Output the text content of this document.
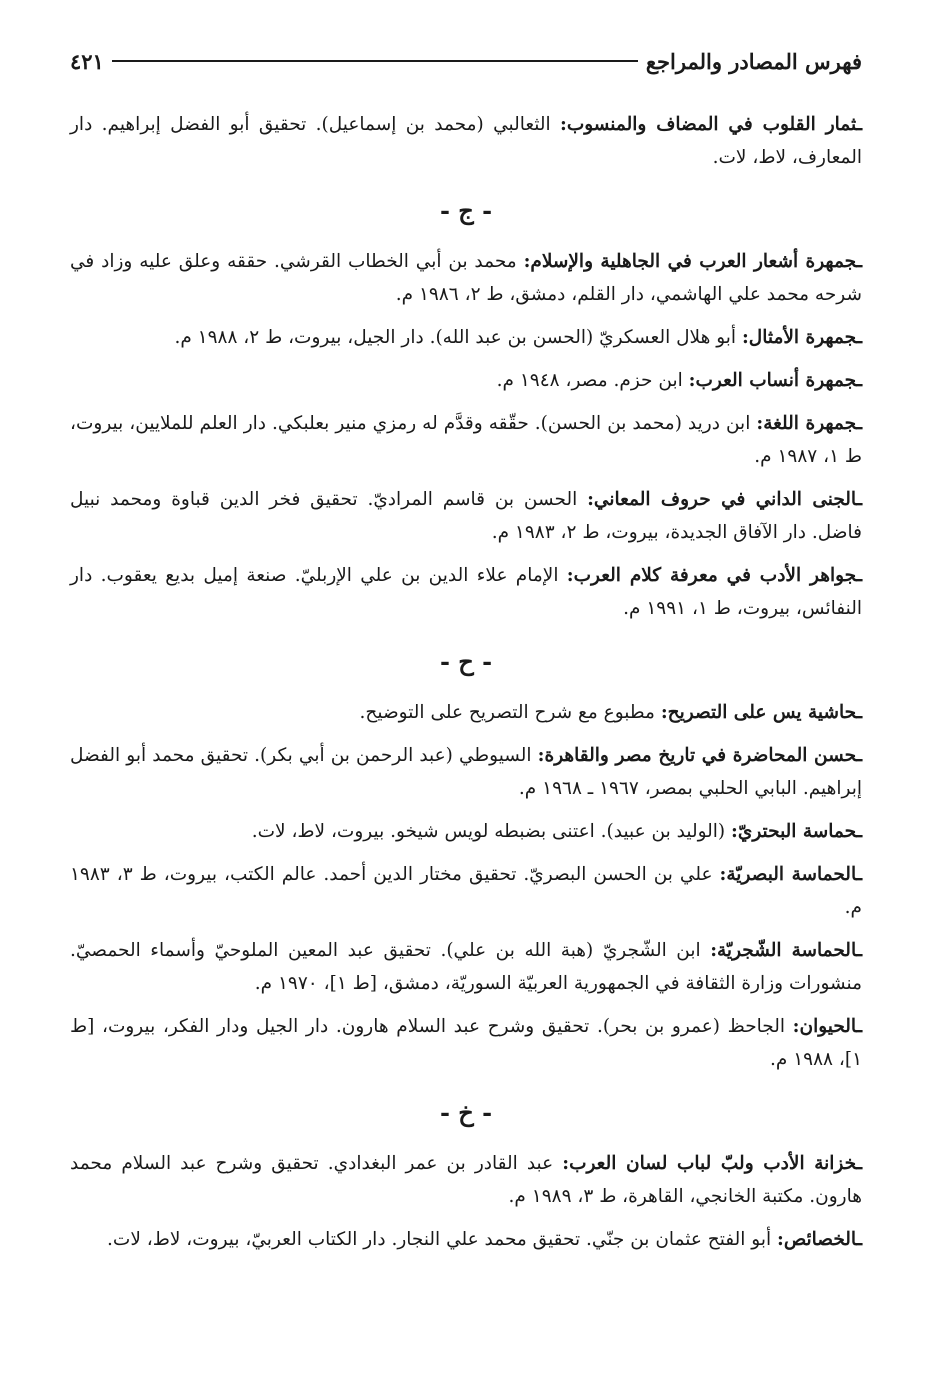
فهرس المصادر والمراجع
٤٢١
ـثمار القلوب في المضاف والمنسوب: الثعالبي (محمد بن إسماعيل). تحقيق أبو الفضل إبراهيم. دار المعارف، لاط، لات.
- ج -
ـجمهرة أشعار العرب في الجاهلية والإسلام: محمد بن أبي الخطاب القرشي. حققه وعلق عليه وزاد في شرحه محمد علي الهاشمي، دار القلم، دمشق، ط ٢، ١٩٨٦ م.
ـجمهرة الأمثال: أبو هلال العسكريّ (الحسن بن عبد الله). دار الجيل، بيروت، ط ٢، ١٩٨٨ م.
ـجمهرة أنساب العرب: ابن حزم. مصر، ١٩٤٨ م.
ـجمهرة اللغة: ابن دريد (محمد بن الحسن). حقّقه وقدَّم له رمزي منير بعلبكي. دار العلم للملايين، بيروت، ط ١، ١٩٨٧ م.
ـالجنى الداني في حروف المعاني: الحسن بن قاسم المراديّ. تحقيق فخر الدين قباوة ومحمد نبيل فاضل. دار الآفاق الجديدة، بيروت، ط ٢، ١٩٨٣ م.
ـجواهر الأدب في معرفة كلام العرب: الإمام علاء الدين بن علي الإربليّ. صنعة إميل بديع يعقوب. دار النفائس، بيروت، ط ١، ١٩٩١ م.
- ح -
ـحاشية يس على التصريح: مطبوع مع شرح التصريح على التوضيح.
ـحسن المحاضرة في تاريخ مصر والقاهرة: السيوطي (عبد الرحمن بن أبي بكر). تحقيق محمد أبو الفضل إبراهيم. البابي الحلبي بمصر، ١٩٦٧ ـ ١٩٦٨ م.
ـحماسة البحتريّ: (الوليد بن عبيد). اعتنى بضبطه لويس شيخو. بيروت، لاط، لات.
ـالحماسة البصريّة: علي بن الحسن البصريّ. تحقيق مختار الدين أحمد. عالم الكتب، بيروت، ط ٣، ١٩٨٣ م.
ـالحماسة الشّجريّة: ابن الشّجريّ (هبة الله بن علي). تحقيق عبد المعين الملوحيّ وأسماء الحمصيّ. منشورات وزارة الثقافة في الجمهورية العربيّة السوريّة، دمشق، [ط ١]، ١٩٧٠ م.
ـالحيوان: الجاحظ (عمرو بن بحر). تحقيق وشرح عبد السلام هارون. دار الجيل ودار الفكر، بيروت، [ط ١]، ١٩٨٨ م.
- خ -
ـخزانة الأدب ولبّ لباب لسان العرب: عبد القادر بن عمر البغدادي. تحقيق وشرح عبد السلام محمد هارون. مكتبة الخانجي، القاهرة، ط ٣، ١٩٨٩ م.
ـالخصائص: أبو الفتح عثمان بن جنّي. تحقيق محمد علي النجار. دار الكتاب العربيّ، بيروت، لاط، لات.
